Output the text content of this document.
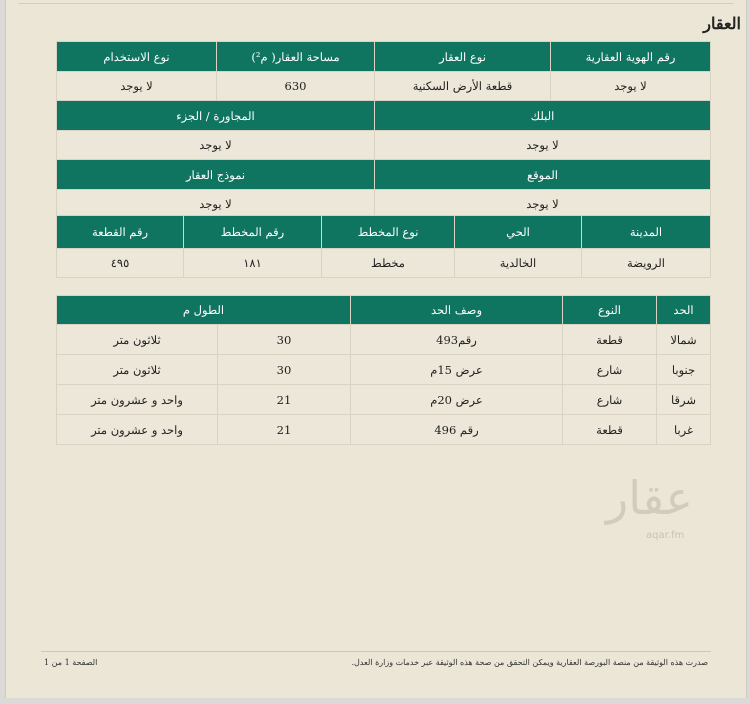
العقار
رقم الهوية العقارية	نوع العقار	مساحة العقار( م²)	نوع الاستخدام
لا يوجد	قطعة الأرض السكنية	630	لا يوجد
البلك		المجاورة / الجزء	
لا يوجد		لا يوجد	
الموقع		نموذج العقار	
لا يوجد		لا يوجد	
المدينة	الحي	نوع المخطط	رقم المخطط	رقم القطعة
الرويضة	الخالدية	مخطط	١٨١	٤٩٥
الحد	النوع	وصف الحد	الطول م	
شمالا	قطعة	رقم493	30	ثلاثون متر
جنوبا	شارع	عرض 15م	30	ثلاثون متر
شرقا	شارع	عرض 20م	21	واحد و عشرون متر
غربا	قطعة	رقم 496	21	واحد و عشرون متر
عقار
aqar.fm
صدرت هذه الوثيقة من منصة البورصة العقارية ويمكن التحقق من صحة هذه الوثيقة عبر خدمات وزارة العدل.
الصفحة 1 من 1
